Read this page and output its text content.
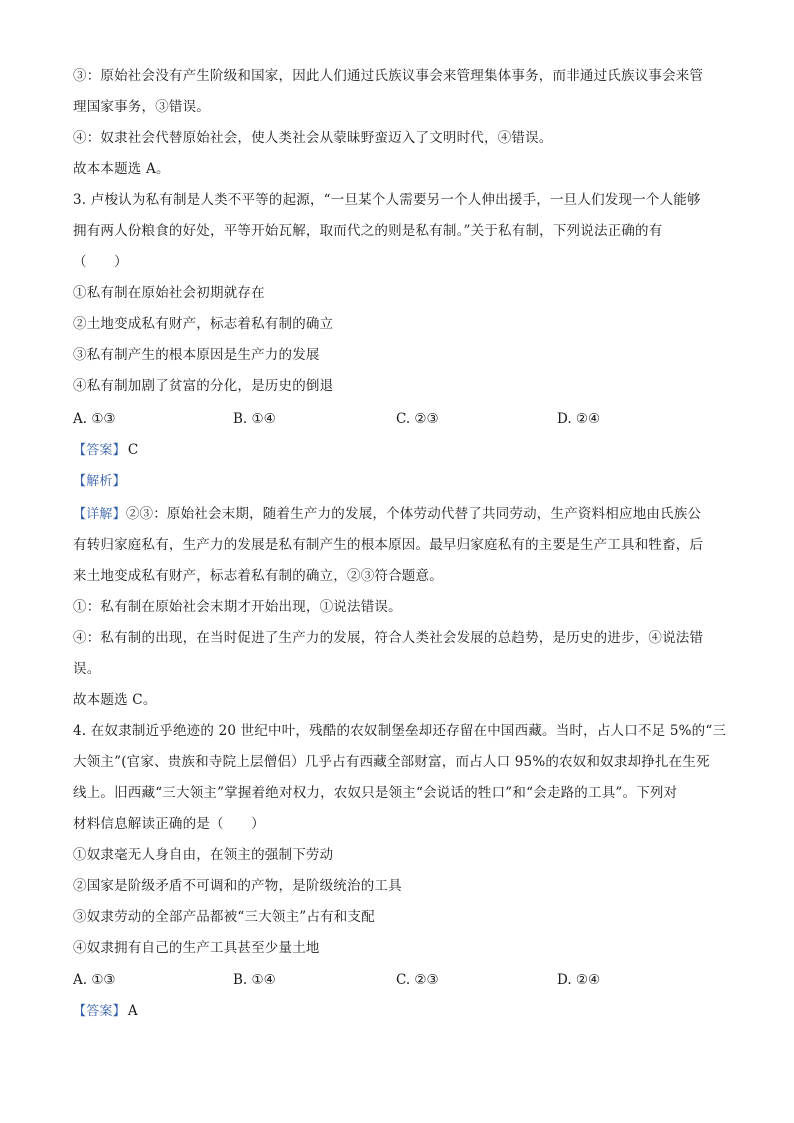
③：原始社会没有产生阶级和国家，因此人们通过氏族议事会来管理集体事务，而非通过氏族议事会来管
理国家事务，③错误。
④：奴隶社会代替原始社会，使人类社会从蒙昧野蛮迈入了文明时代，④错误。
故本本题选 A。
3. 卢梭认为私有制是人类不平等的起源，“一旦某个人需要另一个人伸出援手，一旦人们发现一个人能够
拥有两人份粮食的好处，平等开始瓦解，取而代之的则是私有制。”关于私有制，下列说法正确的有
（　　）
①私有制在原始社会初期就存在
②土地变成私有财产，标志着私有制的确立
③私有制产生的根本原因是生产力的发展
④私有制加剧了贫富的分化，是历史的倒退
A. ①③	B. ①④	C. ②③	D. ②④
【答案】 C
【解析】
【详解】②③：原始社会末期，随着生产力的发展，个体劳动代替了共同劳动，生产资料相应地由氏族公
有转归家庭私有，生产力的发展是私有制产生的根本原因。最早归家庭私有的主要是生产工具和牲畜，后
来土地变成私有财产，标志着私有制的确立，②③符合题意。
①：私有制在原始社会末期才开始出现，①说法错误。
④：私有制的出现，在当时促进了生产力的发展，符合人类社会发展的总趋势，是历史的进步，④说法错
误。
故本题选 C。
4. 在奴隶制近乎绝迹的 20 世纪中叶，残酷的农奴制堡垒却还存留在中国西藏。当时，占人口不足 5%的“三
大领主”(官家、贵族和寺院上层僧侣）几乎占有西藏全部财富，而占人口 95%的农奴和奴隶却挣扎在生死
线上。旧西藏“三大领主”掌握着绝对权力，农奴只是领主“会说话的牲口”和“会走路的工具”。下列对
材料信息解读正确的是（　　）
①奴隶毫无人身自由，在领主的强制下劳动
②国家是阶级矛盾不可调和的产物，是阶级统治的工具
③奴隶劳动的全部产品都被“三大领主”占有和支配
④奴隶拥有自己的生产工具甚至少量土地
A. ①③	B. ①④	C. ②③	D. ②④
【答案】 A
